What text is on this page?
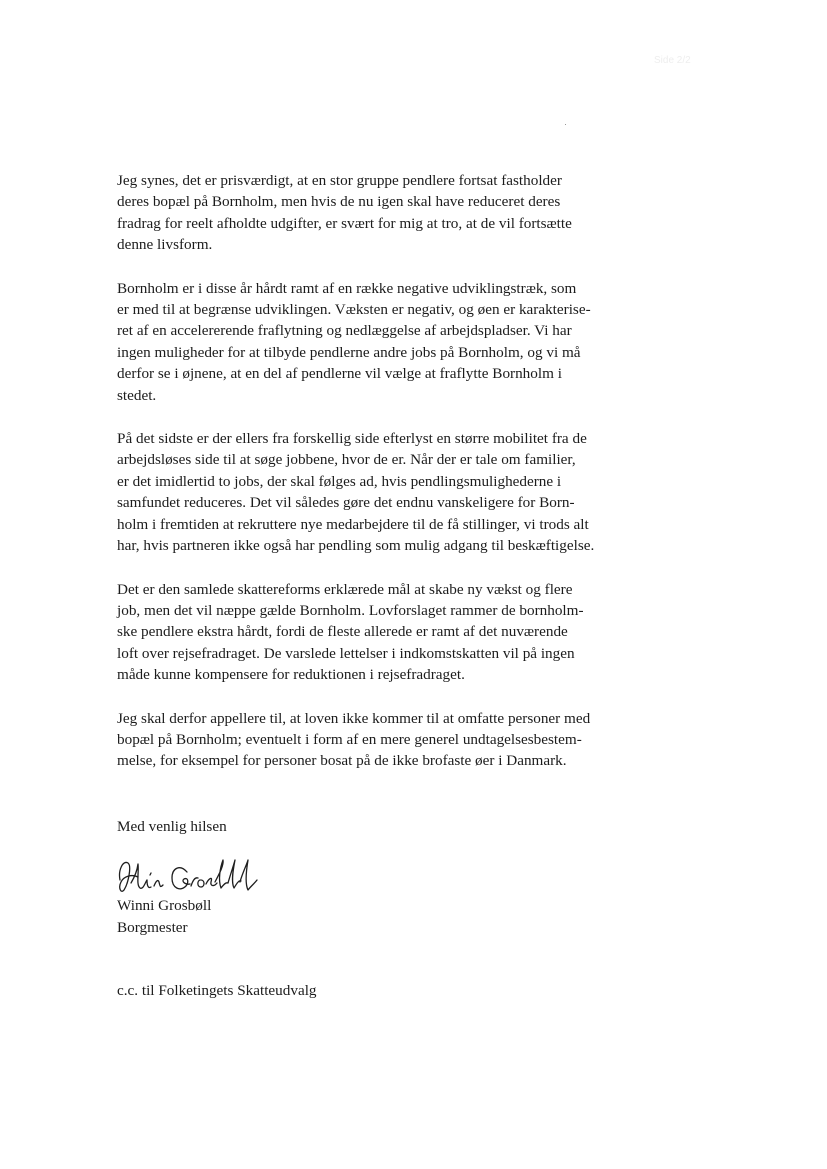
Side 2/2

Jeg synes, det er prisværdigt, at en stor gruppe pendlere fortsat fastholder
deres bopæl på Bornholm, men hvis de nu igen skal have reduceret deres
fradrag for reelt afholdte udgifter, er svært for mig at tro, at de vil fortsætte
denne livsform.

Bornholm er i disse år hårdt ramt af en række negative udviklingstræk, som
er med til at begrænse udviklingen. Væksten er negativ, og øen er karakterise-
ret af en accelererende fraflytning og nedlæggelse af arbejdspladser. Vi har
ingen muligheder for at tilbyde pendlerne andre jobs på Bornholm, og vi må
derfor se i øjnene, at en del af pendlerne vil vælge at fraflytte Bornholm i
stedet.

På det sidste er der ellers fra forskellig side efterlyst en større mobilitet fra de
arbejdsløses side til at søge jobbene, hvor de er. Når der er tale om familier,
er det imidlertid to jobs, der skal følges ad, hvis pendlingsmulighederne i
samfundet reduceres. Det vil således gøre det endnu vanskeligere for Born-
holm i fremtiden at rekruttere nye medarbejdere til de få stillinger, vi trods alt
har, hvis partneren ikke også har pendling som mulig adgang til beskæftigelse.

Det er den samlede skattereforms erklærede mål at skabe ny vækst og flere
job, men det vil næppe gælde Bornholm. Lovforslaget rammer de bornholm-
ske pendlere ekstra hårdt, fordi de fleste allerede er ramt af det nuværende
loft over rejsefradraget. De varslede lettelser i indkomstskatten vil på ingen
måde kunne kompensere for reduktionen i rejsefradraget.

Jeg skal derfor appellere til, at loven ikke kommer til at omfatte personer med
bopæl på Bornholm; eventuelt i form af en mere generel undtagelsesbestem-
melse, for eksempel for personer bosat på de ikke brofaste øer i Danmark.

Med venlig hilsen
Winni Grosbøll
Borgmester
c.c. til Folketingets Skatteudvalg
